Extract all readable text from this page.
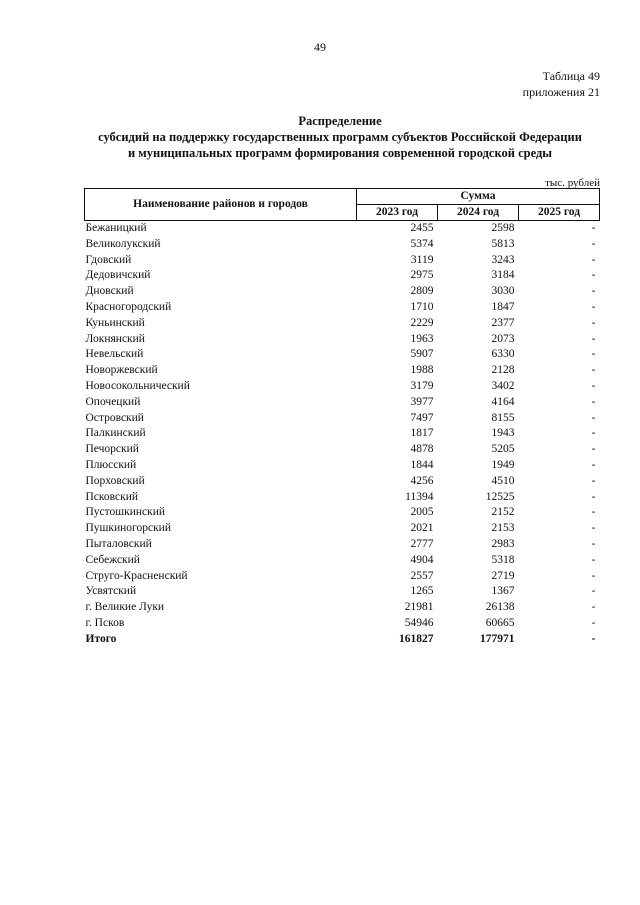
49
Таблица 49
приложения 21
Распределение
субсидий на поддержку государственных программ субъектов Российской Федерации
и муниципальных программ формирования современной городской среды
тыс. рублей
Наименование районов и городов	Сумма		
	2023 год	2024 год	2025 год
Бежаницкий	2455	2598	-
Великолукский	5374	5813	-
Гдовский	3119	3243	-
Дедовичский	2975	3184	-
Дновский	2809	3030	-
Красногородский	1710	1847	-
Куньинский	2229	2377	-
Локнянский	1963	2073	-
Невельский	5907	6330	-
Новоржевский	1988	2128	-
Новосокольнический	3179	3402	-
Опочецкий	3977	4164	-
Островский	7497	8155	-
Палкинский	1817	1943	-
Печорский	4878	5205	-
Плюсский	1844	1949	-
Порховский	4256	4510	-
Псковский	11394	12525	-
Пустошкинский	2005	2152	-
Пушкиногорский	2021	2153	-
Пыталовский	2777	2983	-
Себежский	4904	5318	-
Струго-Красненский	2557	2719	-
Усвятский	1265	1367	-
г. Великие Луки	21981	26138	-
г. Псков	54946	60665	-
Итого	161827	177971	-
